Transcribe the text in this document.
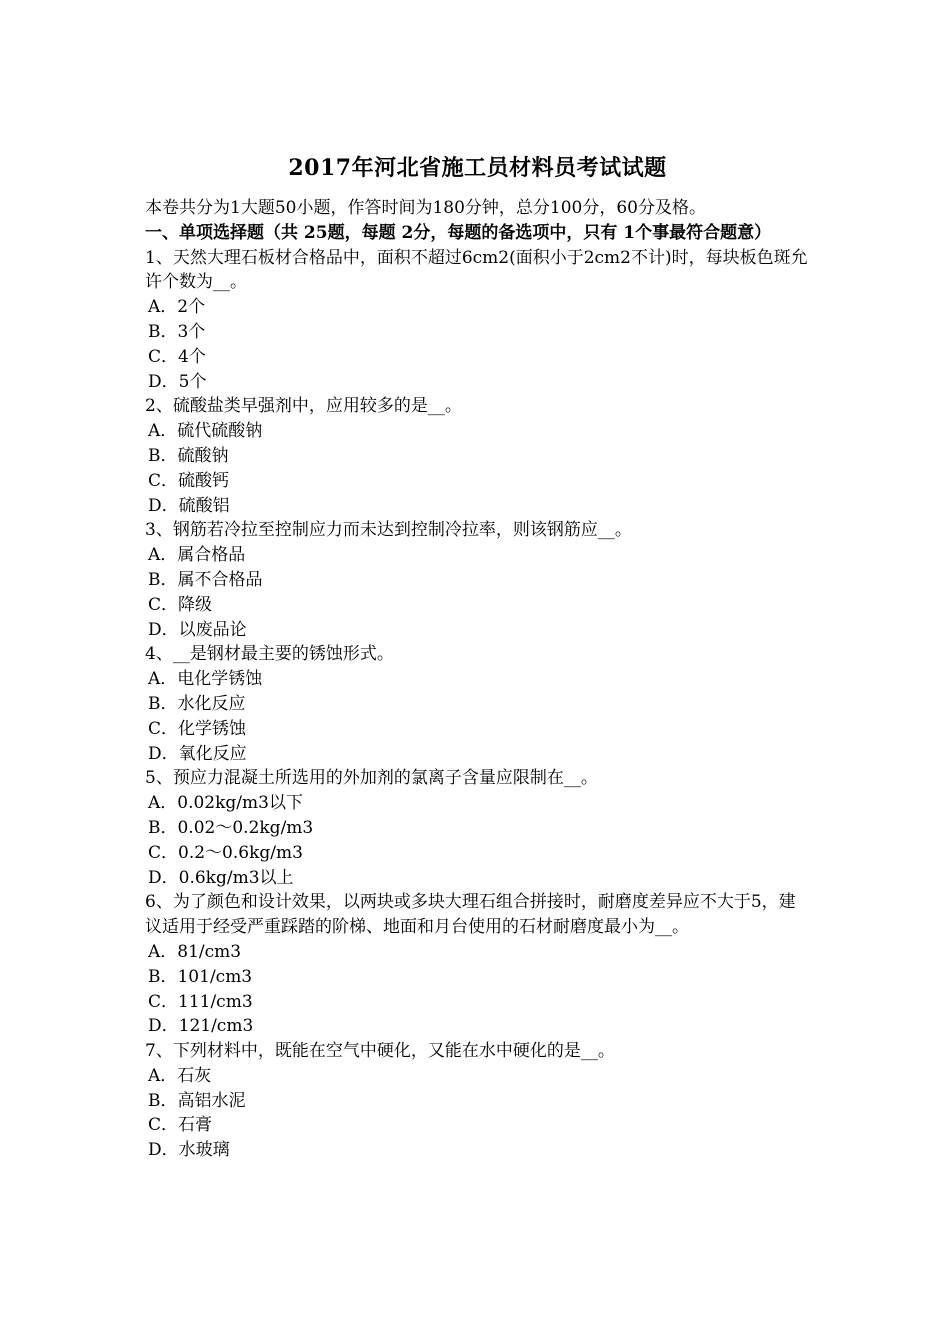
2017年河北省施工员材料员考试试题
本卷共分为1大题50小题，作答时间为180分钟，总分100分，60分及格。
一、单项选择题（共 25题，每题 2分，每题的备选项中，只有 1个事最符合题意）
1、天然大理石板材合格品中，面积不超过6cm2(面积小于2cm2不计)时，每块板色斑允许个数为__。
A．2个
B．3个
C．4个
D．5个
2、硫酸盐类早强剂中，应用较多的是__。
A．硫代硫酸钠
B．硫酸钠
C．硫酸钙
D．硫酸铝
3、钢筋若冷拉至控制应力而未达到控制冷拉率，则该钢筋应__。
A．属合格品
B．属不合格品
C．降级
D．以废品论
4、__是钢材最主要的锈蚀形式。
A．电化学锈蚀
B．水化反应
C．化学锈蚀
D．氧化反应
5、预应力混凝土所选用的外加剂的氯离子含量应限制在__。
A．0.02kg/m3以下
B．0.02～0.2kg/m3
C．0.2～0.6kg/m3
D．0.6kg/m3以上
6、为了颜色和设计效果，以两块或多块大理石组合拼接时，耐磨度差异应不大于5，建议适用于经受严重踩踏的阶梯、地面和月台使用的石材耐磨度最小为__。
A．81/cm3
B．101/cm3
C．111/cm3
D．121/cm3
7、下列材料中，既能在空气中硬化，又能在水中硬化的是__。
A．石灰
B．高铝水泥
C．石膏
D．水玻璃
